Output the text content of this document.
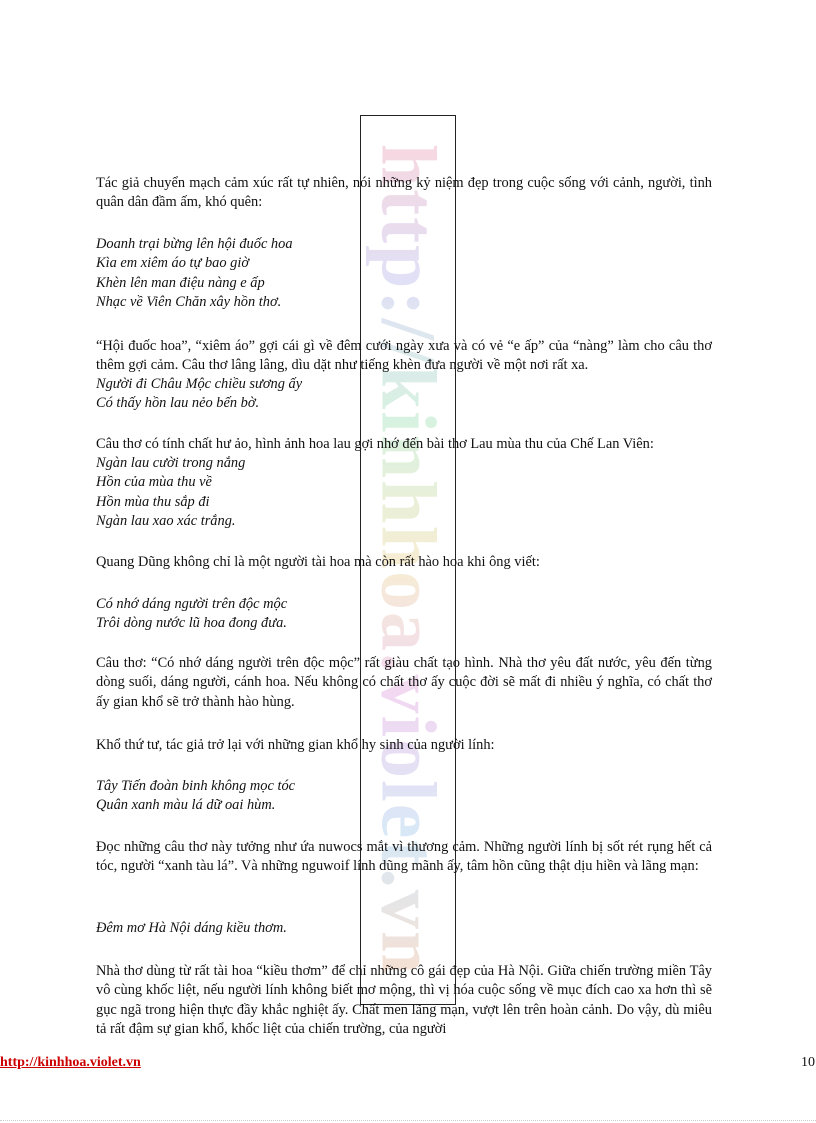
http://kinhhoa.violet.vn

Tác giả chuyển mạch cảm xúc rất tự nhiên, nói những kỷ niệm đẹp trong cuộc sống với cảnh, người, tình quân dân đầm ấm, khó quên:

Doanh trại bừng lên hội đuốc hoa
Kìa em xiêm áo tự bao giờ
Khèn lên man điệu nàng e ấp
Nhạc về Viên Chăn xây hồn thơ.

“Hội đuốc hoa”, “xiêm áo” gợi cái gì về đêm cưới ngày xưa và có vẻ “e ấp” của “nàng” làm cho câu thơ thêm gợi cảm. Câu thơ lâng lâng, dìu dặt như tiếng khèn đưa người về một nơi rất xa.

Người đi Châu Mộc chiều sương ấy
Có thấy hồn lau nẻo bến bờ.

Câu thơ có tính chất hư ảo, hình ảnh hoa lau gợi nhớ đến bài thơ Lau mùa thu của Chế Lan Viên:

Ngàn lau cười trong nắng
Hồn của mùa thu về
Hồn mùa thu sắp đi
Ngàn lau xao xác trắng.

Quang Dũng không chỉ là một người tài hoa mà còn rất hào hoa khi ông viết:

Có nhớ dáng người trên độc mộc
Trôi dòng nước lũ hoa đong đưa.

Câu thơ: “Có nhớ dáng người trên độc mộc” rất giàu chất tạo hình. Nhà thơ yêu đất nước, yêu đến từng dòng suối, dáng người, cánh hoa. Nếu không có chất thơ ấy cuộc đời sẽ mất đi nhiều ý nghĩa, có chất thơ ấy gian khổ sẽ trở thành hào hùng.

Khổ thứ tư, tác giả trở lại với những gian khổ hy sinh của người lính:

Tây Tiến đoàn binh không mọc tóc
Quân xanh màu lá dữ oai hùm.

Đọc những câu thơ này tưởng như ứa nuwocs mắt vì thương cảm. Những người lính bị sốt rét rụng hết cả tóc, người “xanh tàu lá”. Và những nguwoif lính dũng mãnh ấy, tâm hồn cũng thật dịu hiền và lãng mạn:

Đêm mơ Hà Nội dáng kiều thơm.

Nhà thơ dùng từ rất tài hoa “kiều thơm” để chỉ những cô gái đẹp của Hà Nội. Giữa chiến trường miền Tây vô cùng khốc liệt, nếu người lính không biết mơ mộng, thì vị hóa cuộc sống về mục đích cao xa hơn thì sẽ gục ngã trong hiện thực đầy khắc nghiệt ấy. Chất men lãng mạn, vượt lên trên hoàn cảnh. Do vậy, dù miêu tả rất đậm sự gian khổ, khốc liệt của chiến trường, của người

http://kinhhoa.violet.vn	10
